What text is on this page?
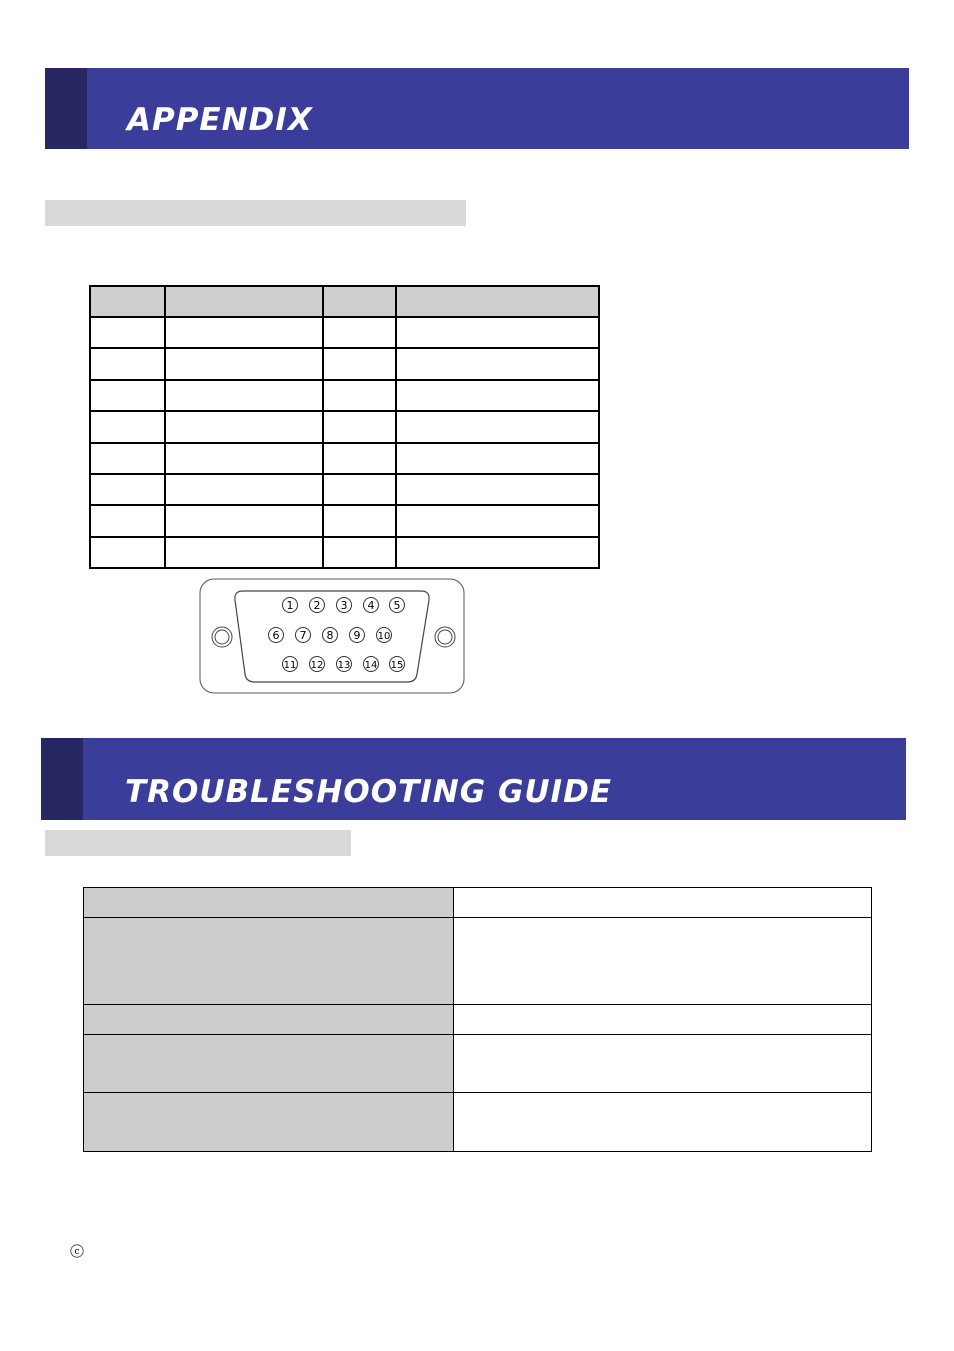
APPENDIX

1 2 3 4 5
6 7 8 9 10
11 12 13 14 15
TROUBLESHOOTING GUIDE

c
